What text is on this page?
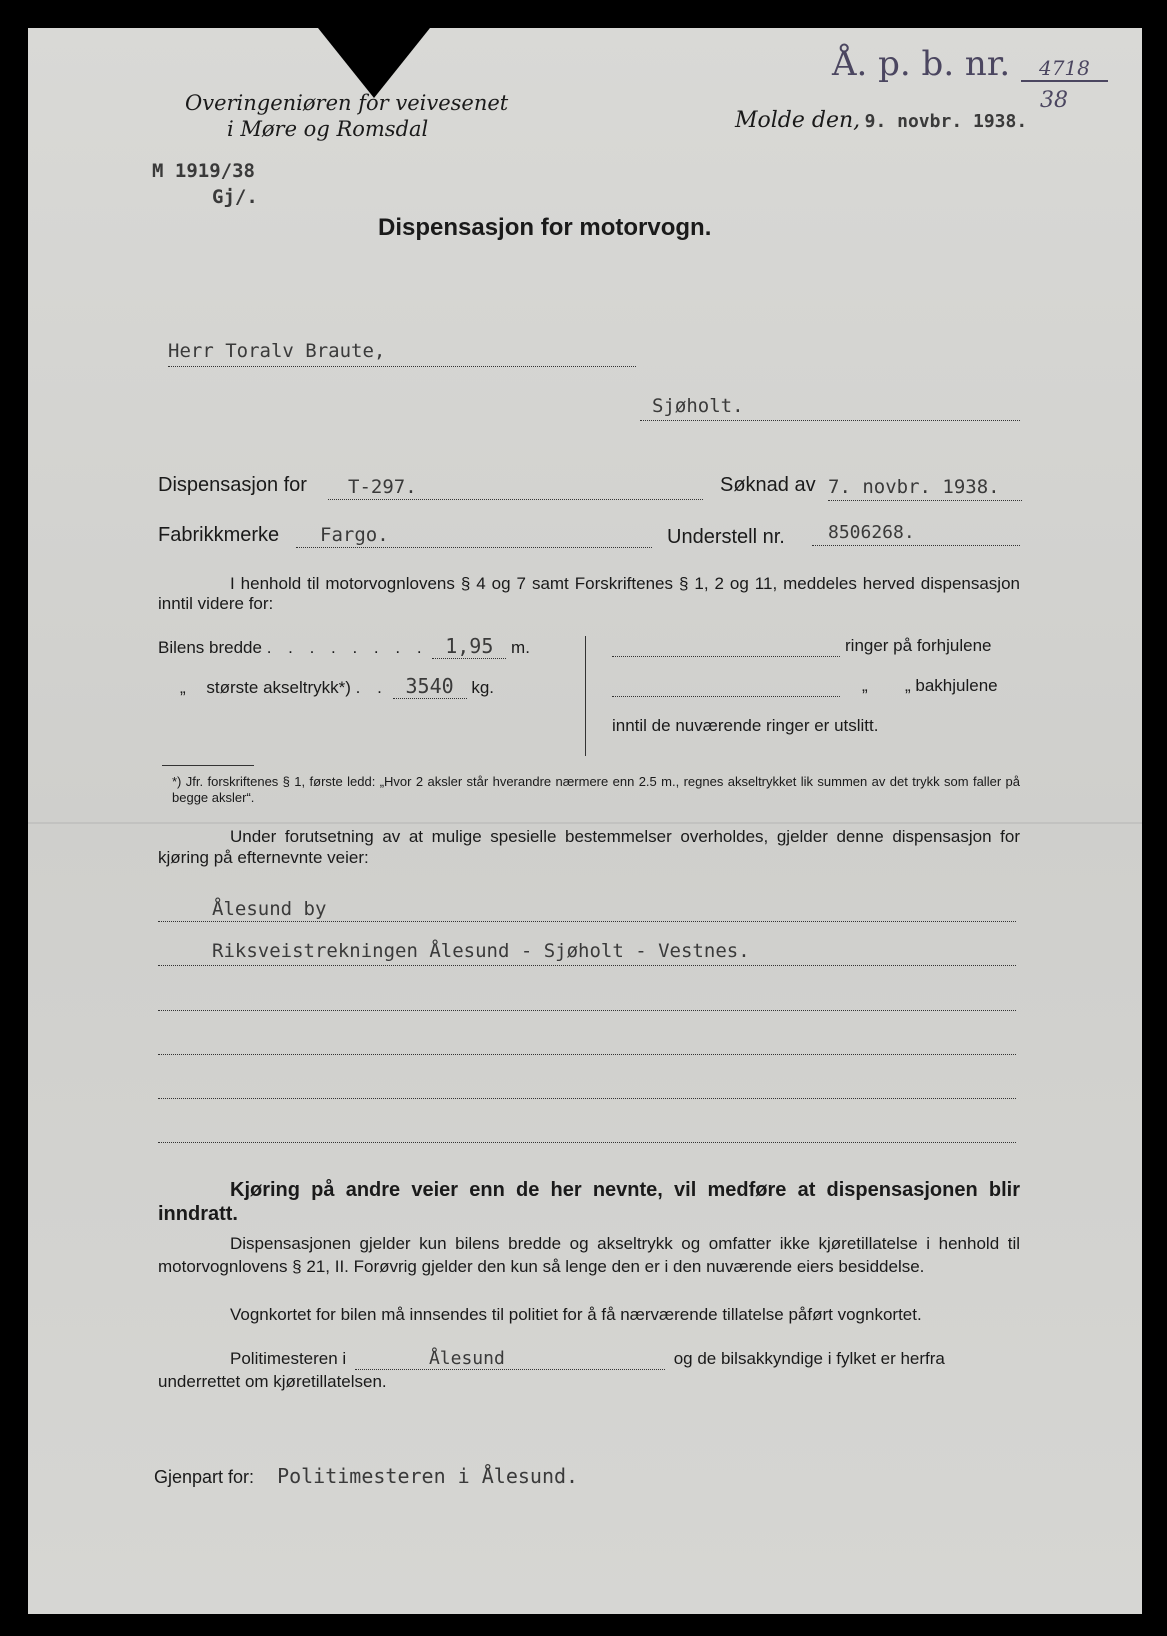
Overingeniøren for veivesenet
i Møre og Romsdal
Å. p. b. nr. 4718
38
Molde den, 9. novbr. 1938.
M 1919/38
Gj/.
Dispensasjon for motorvogn.
Herr Toralv Braute,
Sjøholt.
Dispensasjon for	T-297.	Søknad av 7. novbr. 1938.
Fabrikkmerke	Fargo.	Understell nr.	8506268.
I henhold til motorvognlovens § 4 og 7 samt Forskriftenes § 1, 2 og 11, meddeles herved dispensasjon inntil videre for:
Bilens bredde . . . . . . . . 1,95 m.
„ største akseltrykk*) . . 3540 kg.
ringer på forhjulene
„ „ bakhjulene
inntil de nuværende ringer er utslitt.
*) Jfr. forskriftenes § 1, første ledd: „Hvor 2 aksler står hverandre nærmere enn 2.5 m., regnes akseltrykket lik summen av det trykk som faller på begge aksler“.
Under forutsetning av at mulige spesielle bestemmelser overholdes, gjelder denne dispensasjon for kjøring på efternevnte veier:
Ålesund by
Riksveistrekningen Ålesund - Sjøholt - Vestnes.
Kjøring på andre veier enn de her nevnte, vil medføre at dispensasjonen blir inndratt.
Dispensasjonen gjelder kun bilens bredde og akseltrykk og omfatter ikke kjøretillatelse i henhold til motorvognlovens § 21, II. Forøvrig gjelder den kun så lenge den er i den nuværende eiers besiddelse.
Vognkortet for bilen må innsendes til politiet for å få nærværende tillatelse påført vognkortet.
Politimesteren i	Ålesund	og de bilsakkyndige i fylket er herfra
underrettet om kjøretillatelsen.
Gjenpart for: Politimesteren i Ålesund.
